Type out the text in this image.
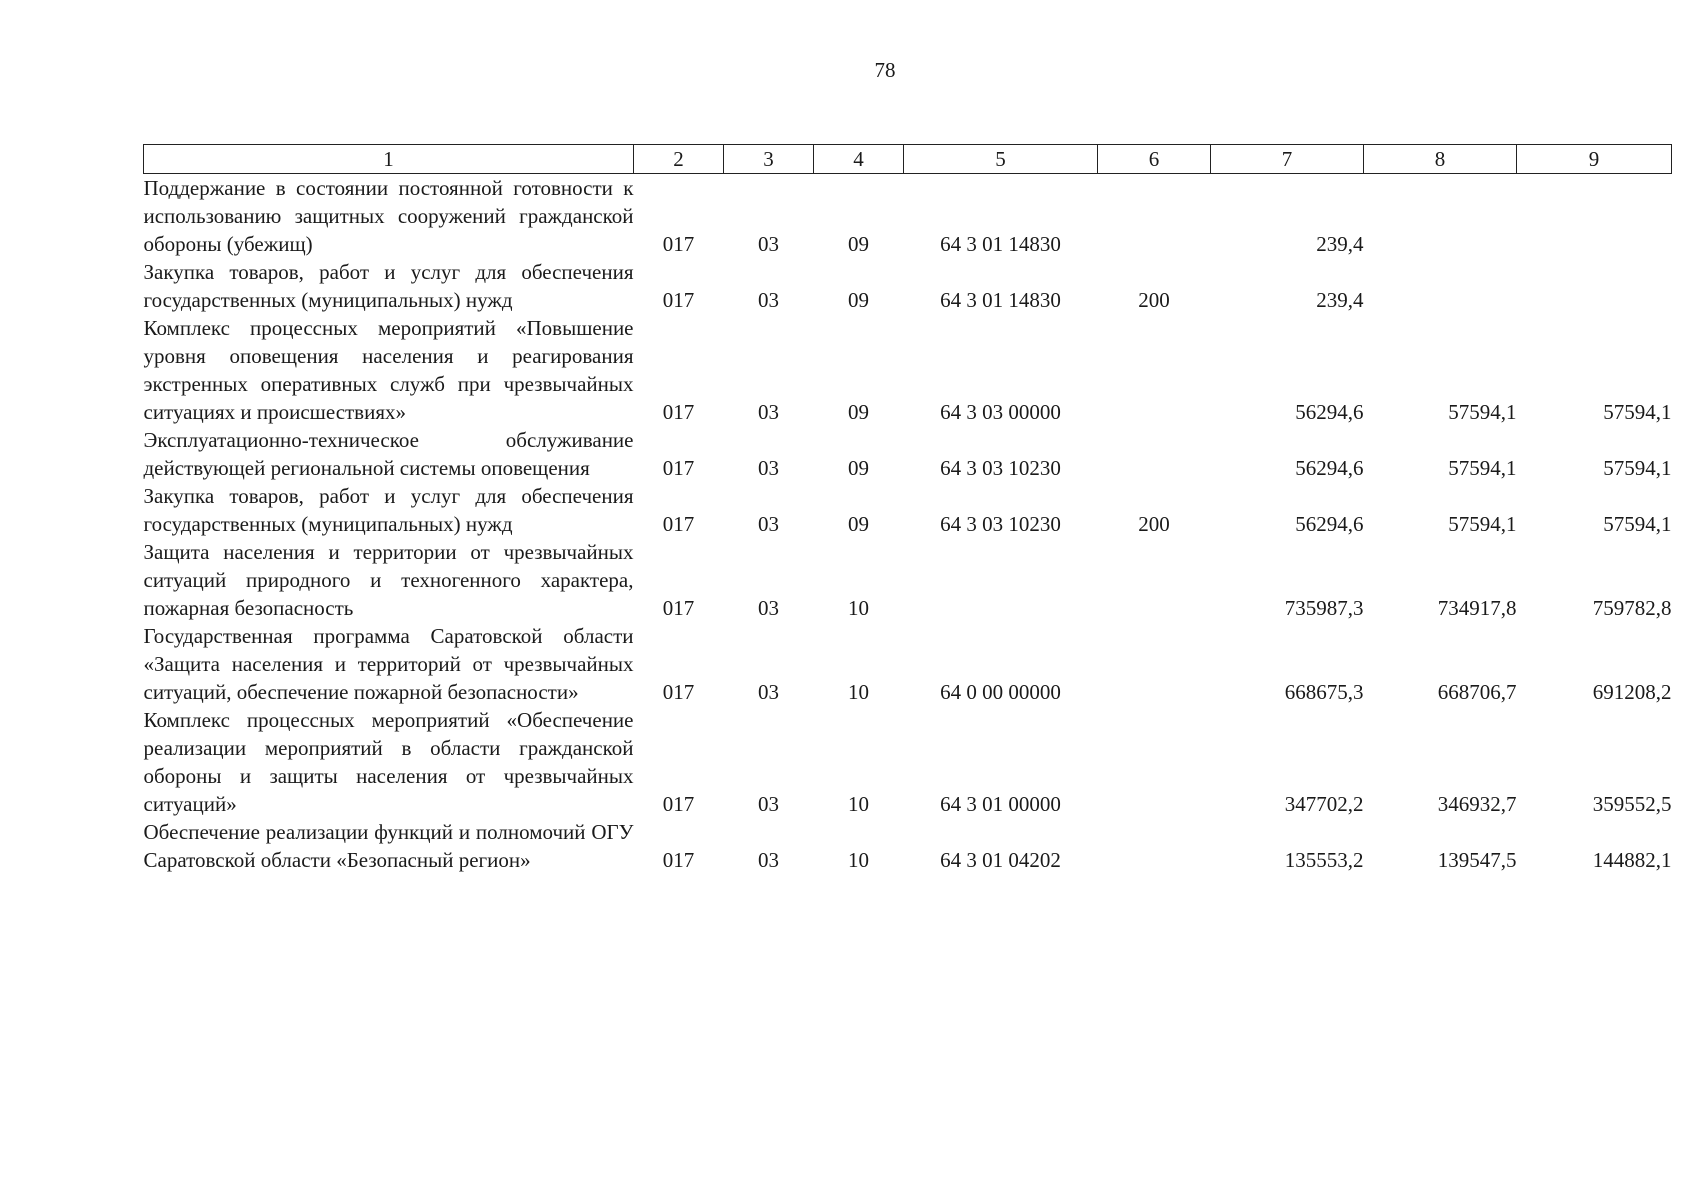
78
1	2	3	4	5	6	7	8	9
Поддержание в состоянии постоянной готовности к использованию защитных сооружений гражданской обороны (убежищ)	017	03	09	64 3 01 14830		239,4		
Закупка товаров, работ и услуг для обеспечения государственных (муниципальных) нужд	017	03	09	64 3 01 14830	200	239,4		
Комплекс процессных мероприятий «Повышение уровня оповещения населения и реагирования экстренных оперативных служб при чрезвычайных ситуациях и происшествиях»	017	03	09	64 3 03 00000		56294,6	57594,1	57594,1
Эксплуатационно-техническое обслуживание действующей региональной системы оповещения	017	03	09	64 3 03 10230		56294,6	57594,1	57594,1
Закупка товаров, работ и услуг для обеспечения государственных (муниципальных) нужд	017	03	09	64 3 03 10230	200	56294,6	57594,1	57594,1
Защита населения и территории от чрезвычайных ситуаций природного и техногенного характера, пожарная безопасность	017	03	10			735987,3	734917,8	759782,8
Государственная программа Саратовской области «Защита населения и территорий от чрезвычайных ситуаций, обеспечение пожарной безопасности»	017	03	10	64 0 00 00000		668675,3	668706,7	691208,2
Комплекс процессных мероприятий «Обеспечение реализации мероприятий в области гражданской обороны и защиты населения от чрезвычайных ситуаций»	017	03	10	64 3 01 00000		347702,2	346932,7	359552,5
Обеспечение реализации функций и полномочий ОГУ Саратовской области «Безопасный регион»	017	03	10	64 3 01 04202		135553,2	139547,5	144882,1
